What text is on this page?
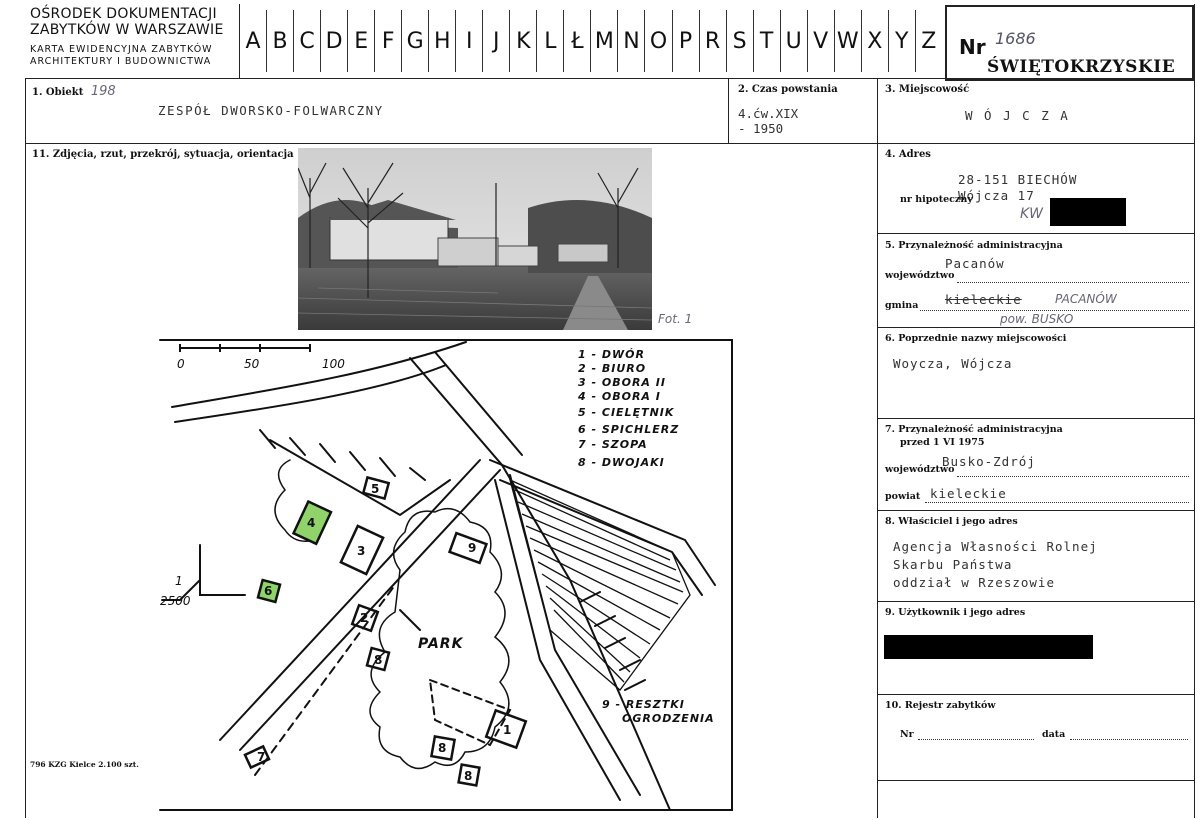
OŚRODEK DOKUMENTACJI
ZABYTKÓW W WARSZAWIE
KARTA EWIDENCYJNA ZABYTKÓW
ARCHITEKTURY I BUDOWNICTWA
A B C D E F G H I J K L Ł M N O P R S T U V W X Y Z Nr 1686
ŚWIĘTOKRZYSKIE
1. Obiekt 198
ZESPÓŁ DWORSKO-FOLWARCZNY
2. Czas powstania
4.ćw.XIX
- 1950
3. Miejscowość
W Ó J C Z A
11. Zdjęcia, rzut, przekrój, sytuacja, orientacja
Fot. 1
1
2
3
4
5
6
7
8
8
8
9
1 - DWÓR
2 - BIURO
3 - OBORA II
4 - OBORA I
5 - CIELĘTNIK
6 - SPICHLERZ
7 - SZOPA
8 - DWOJAKI
9 - RESZTKI
OGRODZENIA
PARK
0	50	100
1
2500
4. Adres
28-151 BIECHÓW
Wójcza 17
nr hipoteczny
KW
5. Przynależność administracyjna
Pacanów
województwo
gmina kieleckie	PACANÓW
pow. BUSKO
6. Poprzednie nazwy miejscowości
Woycza, Wójcza
7. Przynależność administracyjna
przed 1 VI 1975
Busko-Zdrój
województwo
powiat kieleckie
8. Właściciel i jego adres
Agencja Własności Rolnej
Skarbu Państwa
oddział w Rzeszowie
9. Użytkownik i jego adres
10. Rejestr zabytków
Nr	data
796 KZG Kielce 2.100 szt.
